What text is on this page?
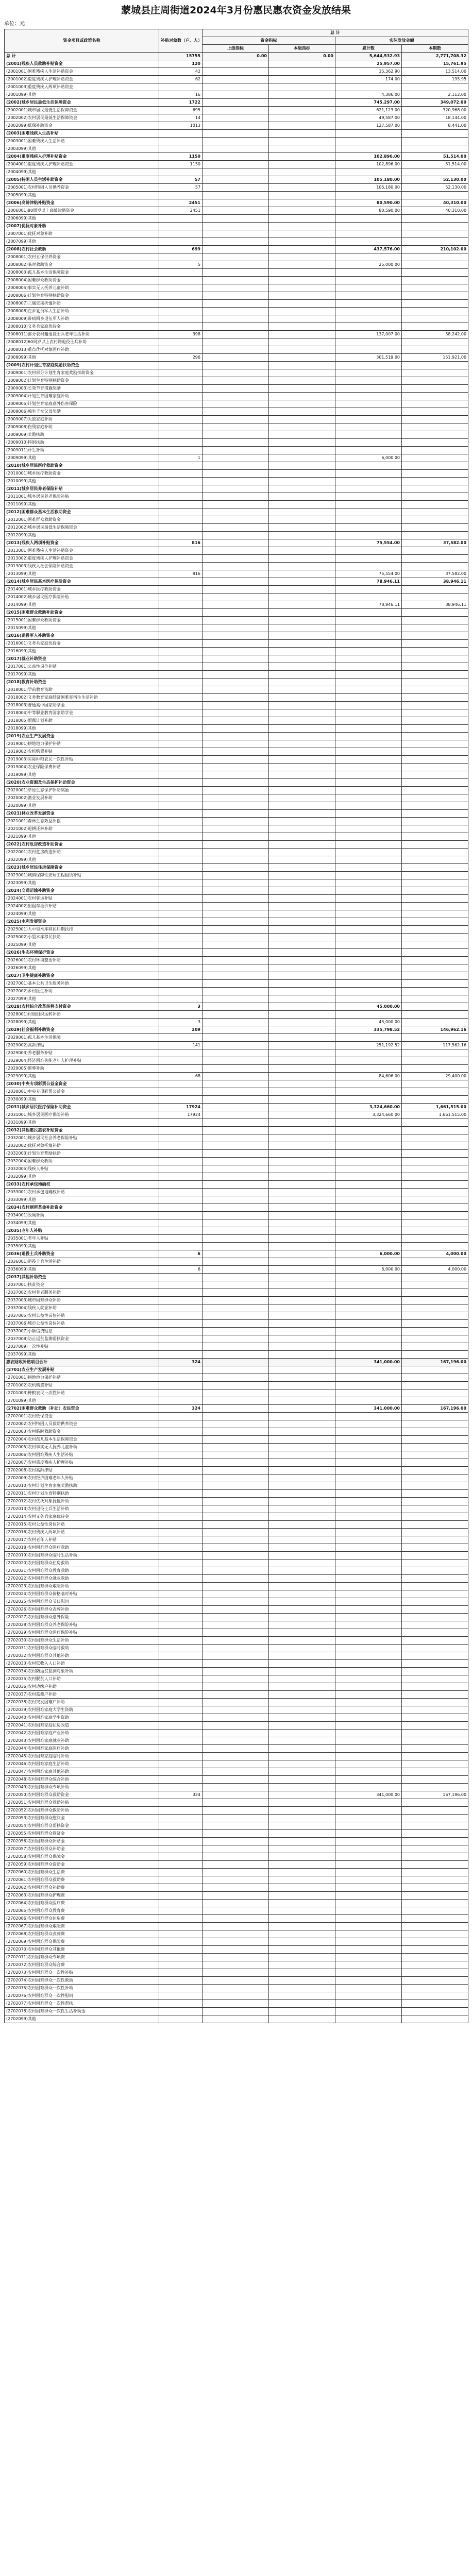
蒙城县庄周街道2024年3月份惠民惠农资金发放结果
单位：元
资金项目或政策名称	补贴对象数（户、人）	总 计			
		资金指标		实际发放金额	
		上级指标	本级指标	累计数	本期数
总 计	15755	0.00	0.00	5,644,532.93	2,771,708.32
(2001)残疾人员救助补贴资金	120			25,957.00	15,761.95
(2001001)困难残疾人生活补贴资金	42			35,362.90	13,514.00
(2001002)重度残疾人护理补贴资金	62			174.00	195.95
(2001003)重度残疾人两项补贴资金					
(2001099)其他	16			4,386.00	2,112.00
(2002)城乡居民最低生活保障资金	1722			745,297.00	349,072.00
(2002001)城市居民最低生活保障资金	695			621,123.00	320,968.00
(2002002)农村居民最低生活保障资金	14			49,587.00	18,144.00
(2002099)低保补助资金	1013			127,587.00	8,441.00
(2003)困难残疾人生活补贴					
(2003001)困难残疾人生活补贴					
(2003099)其他					
(2004)重度残疾人护理补贴资金	1150			102,896.00	51,514.00
(2004001)重度残疾人护理补贴资金	1150			102,896.00	51,514.00
(2004099)其他					
(2005)特困人员生活补助资金	57			105,180.00	52,130.00
(2005001)农村特困人员供养资金	57			105,180.00	52,130.00
(2005099)其他					
(2006)高龄津贴补贴资金	2451			80,590.00	40,310.00
(2006001)80周岁以上高龄津贴资金	2451			80,590.00	40,310.00
(2006099)其他					
(2007)优抚对象补助					
(2007001)优抚对象补助					
(2007099)其他					
(2008)农村社会救助	699			437,576.00	210,102.00
(2008001)农村五保供养资金					
(2008002)临时救助资金	5			25,000.00	
(2008003)孤儿基本生活保障资金					
(2008004)困难群众救助资金					
(2008005)事实无人抚养儿童补助					
(2008006)计划生育特别扶助资金					
(2008007)三属定期抚恤补助					
(2008008)在乡复员军人生活补助					
(2008009)带病回乡退伍军人补助					
(2008010)义务兵家庭优待金					
(2008011)部分农村籍退役士兵老年生活补助	398			137,007.00	58,242.00
(2008012)60周岁以上农村籍退役士兵补助					
(2008013)重点优抚对象医疗补助					
(2008099)其他	296			301,519.00	151,921.00
(2009)农村计划生育家庭奖励扶助资金					
(2009001)农村部分计划生育家庭奖励扶助资金					
(2009002)计划生育特别扶助资金					
(2009003)长效节育措施奖励					
(2009004)计划生育困难家庭补助					
(2009005)计划生育家庭意外伤害保险					
(2009006)独生子女父母奖励					
(2009007)失独家庭补助					
(2009008)伤残家庭补助					
(2009009)奖励扶助					
(2009010)特别扶助					
(2009011)计生补助					
(2009099)其他	1			6,000.00	
(2010)城乡居民医疗救助资金					
(2010001)城乡医疗救助资金					
(2010099)其他					
(2011)城乡居民养老保险补贴					
(2011001)城乡居民养老保险补贴					
(2011099)其他					
(2012)困难群众基本生活救助资金					
(2012001)困难群众救助资金					
(2012002)城乡居民最低生活保障资金					
(2012099)其他					
(2013)残疾人两项补贴资金	816			75,554.00	37,582.00
(2013001)困难残疾人生活补贴资金					
(2013002)重度残疾人护理补贴资金					
(2013003)残疾人社会保险补贴资金					
(2013099)其他	816			75,554.00	37,582.00
(2014)城乡居民基本医疗保险资金				78,946.11	38,946.11
(2014001)城乡医疗救助资金					
(2014002)城乡居民医疗保险补贴					
(2014099)其他				78,946.11	38,946.11
(2015)困难群众救助补助资金					
(2015001)困难群众救助资金					
(2015099)其他					
(2016)退役军人补助资金					
(2016001)义务兵家庭优待金					
(2016099)其他					
(2017)就业补助资金					
(2017001)公益性岗位补贴					
(2017099)其他					
(2018)教育补助资金					
(2018001)学前教育资助					
(2018002)义务教育家庭经济困难寄宿生生活补助					
(2018003)普通高中国家助学金					
(2018004)中等职业教育国家助学金					
(2018005)雨露计划补助					
(2018099)其他					
(2019)农业生产发展资金					
(2019001)耕地地力保护补贴					
(2019002)农机购置补贴					
(2019003)实际种粮农民一次性补贴					
(2019004)农业保险保费补贴					
(2019099)其他					
(2020)农业资源及生态保护补助资金					
(2020001)草原生态保护补助奖励					
(2020002)渔业发展补助					
(2020099)其他					
(2021)林业改革发展资金					
(2021001)森林生态效益补偿					
(2021002)退耕还林补助					
(2021099)其他					
(2022)农村危房改造补助资金					
(2022001)农村危房改造补助					
(2022099)其他					
(2023)城乡居民住房保障资金					
(2023001)城镇保障性安居工程租赁补贴					
(2023099)其他					
(2024)交通运输补助资金					
(2024001)农村客运补贴					
(2024002)出租车油价补贴					
(2024099)其他					
(2025)水利发展资金					
(2025001)大中型水库移民后期扶持					
(2025002)小型水库移民扶助					
(2025099)其他					
(2026)生态环境保护资金					
(2026001)农村环境整治补助					
(2026099)其他					
(2027)卫生健康补助资金					
(2027001)基本公共卫生服务补助					
(2027002)乡村医生补助					
(2027099)其他					
(2028)农村综合改革转移支付资金	3			45,000.00	
(2028001)村级组织运转补助					
(2028099)其他	3			45,000.00	
(2029)社会福利补助资金	209			335,798.52	146,962.16
(2029001)孤儿基本生活保障					
(2029002)高龄津贴	141			251,192.52	117,562.16
(2029003)养老服务补贴					
(2029004)经济困难失能老年人护理补贴					
(2029005)殡葬补助					
(2029099)其他	68			84,606.00	29,400.00
(2030)中央专项彩票公益金资金					
(2030001)中央专项彩票公益金					
(2030099)其他					
(2031)城乡居民医疗保险补助资金	17924			3,324,660.00	1,661,515.00
(2031001)城乡居民医疗保险补贴	17924			3,324,660.00	1,661,515.00
(2031099)其他					
(2032)其他惠民惠农补贴资金					
(2032001)城乡居民社会养老保险补贴					
(2032002)优抚对象抚恤补助					
(2032003)计划生育奖励扶助					
(2032004)困难群众救助					
(2032005)残疾人补贴					
(2032099)其他					
(2033)农村承包地确权					
(2033001)农村承包地确权补贴					
(2033099)其他					
(2034)农村厕所革命补助资金					
(2034001)改厕补助					
(2034099)其他					
(2035)老年人补贴					
(2035001)老年人补贴					
(2035099)其他					
(2036)退役士兵补助资金	6			6,000.00	4,000.00
(2036001)退役士兵生活补助					
(2036099)其他	6			6,000.00	4,000.00
(2037)其他补助资金					
(2037001)扶贫资金					
(2037002)农村养老服务补助					
(2037003)城市困难群众补助					
(2037004)残疾人就业补助					
(2037005)农村公益性岗位补贴					
(2037006)城市公益性岗位补贴					
(2037007)小额信贷贴息					
(2037008)防止返贫监测帮扶资金					
(2037009)一次性补贴					
(2037099)其他					
惠农财政补贴项目合计	324			341,000.00	167,196.00
(2701)农业生产发展补贴					
(2701001)耕地地力保护补贴					
(2701002)农机购置补贴					
(2701003)种粮农民一次性补贴					
(2701099)其他					
(2702)困难群众救助（补助）农民资金	324			341,000.00	167,196.00
(2702001)农村低保资金					
(2702002)农村特困人员救助供养资金					
(2702003)农村临时救助资金					
(2702004)农村孤儿基本生活保障资金					
(2702005)农村事实无人抚养儿童补助					
(2702006)农村困难残疾人生活补贴					
(2702007)农村重度残疾人护理补贴					
(2702008)农村高龄津贴					
(2702009)农村经济困难老年人补贴					
(2702010)农村计划生育家庭奖励扶助					
(2702011)农村计划生育特别扶助					
(2702012)农村优抚对象抚恤补助					
(2702013)农村退役士兵生活补助					
(2702014)农村义务兵家庭优待金					
(2702015)农村公益性岗位补贴					
(2702016)农村残疾人两项补贴					
(2702017)农村老年人补贴					
(2702018)农村困难群众医疗救助					
(2702019)农村困难群众临时生活补助					
(2702020)农村困难群众住房救助					
(2702021)农村困难群众教育救助					
(2702022)农村困难群众就业救助					
(2702023)农村困难群众取暖补助					
(2702024)农村困难群众价格临时补贴					
(2702025)农村困难群众节日慰问					
(2702026)农村困难群众丧葬补助					
(2702027)农村困难群众意外保险					
(2702028)农村困难群众养老保险补贴					
(2702029)农村困难群众医疗保险补贴					
(2702030)农村困难群众生活补助					
(2702031)农村困难群众临时救助					
(2702032)农村困难群众其他补助					
(2702033)农村低收入人口补助					
(2702034)农村防返贫监测对象补助					
(2702035)农村脱贫人口补助					
(2702036)农村边缘户补助					
(2702037)农村监测户补助					
(2702038)农村突发困难户补助					
(2702039)农村困难家庭大学生资助					
(2702040)农村困难家庭学生资助					
(2702041)农村困难家庭住房改造					
(2702042)农村困难家庭产业补助					
(2702043)农村困难家庭就业补助					
(2702044)农村困难家庭医疗补助					
(2702045)农村困难家庭临时补助					
(2702046)农村困难家庭生活补助					
(2702047)农村困难家庭其他补助					
(2702048)农村困难群众综合补助					
(2702049)农村困难群众专项补助					
(2702050)农村困难群众救助资金	324			341,000.00	167,196.00
(2702051)农村困难群众救助补贴					
(2702052)农村困难群众救助补助					
(2702053)农村困难群众慰问金					
(2702054)农村困难群众帮扶资金					
(2702055)农村困难群众救济金					
(2702056)农村困难群众补贴金					
(2702057)农村困难群众补助金					
(2702058)农村困难群众保障金					
(2702059)农村困难群众资助金					
(2702060)农村困难群众生活费					
(2702061)农村困难群众救助费					
(2702062)农村困难群众补助费					
(2702063)农村困难群众护理费					
(2702064)农村困难群众医疗费					
(2702065)农村困难群众教育费					
(2702066)农村困难群众住房费					
(2702067)农村困难群众取暖费					
(2702068)农村困难群众丧葬费					
(2702069)农村困难群众保险费					
(2702070)农村困难群众其他费					
(2702071)农村困难群众专项费					
(2702072)农村困难群众综合费					
(2702073)农村困难群众一次性补贴					
(2702074)农村困难群众一次性救助					
(2702075)农村困难群众一次性补助					
(2702076)农村困难群众一次性慰问					
(2702077)农村困难群众一次性帮扶					
(2702078)农村困难群众一次性生活补助金					
(2702099)其他					
